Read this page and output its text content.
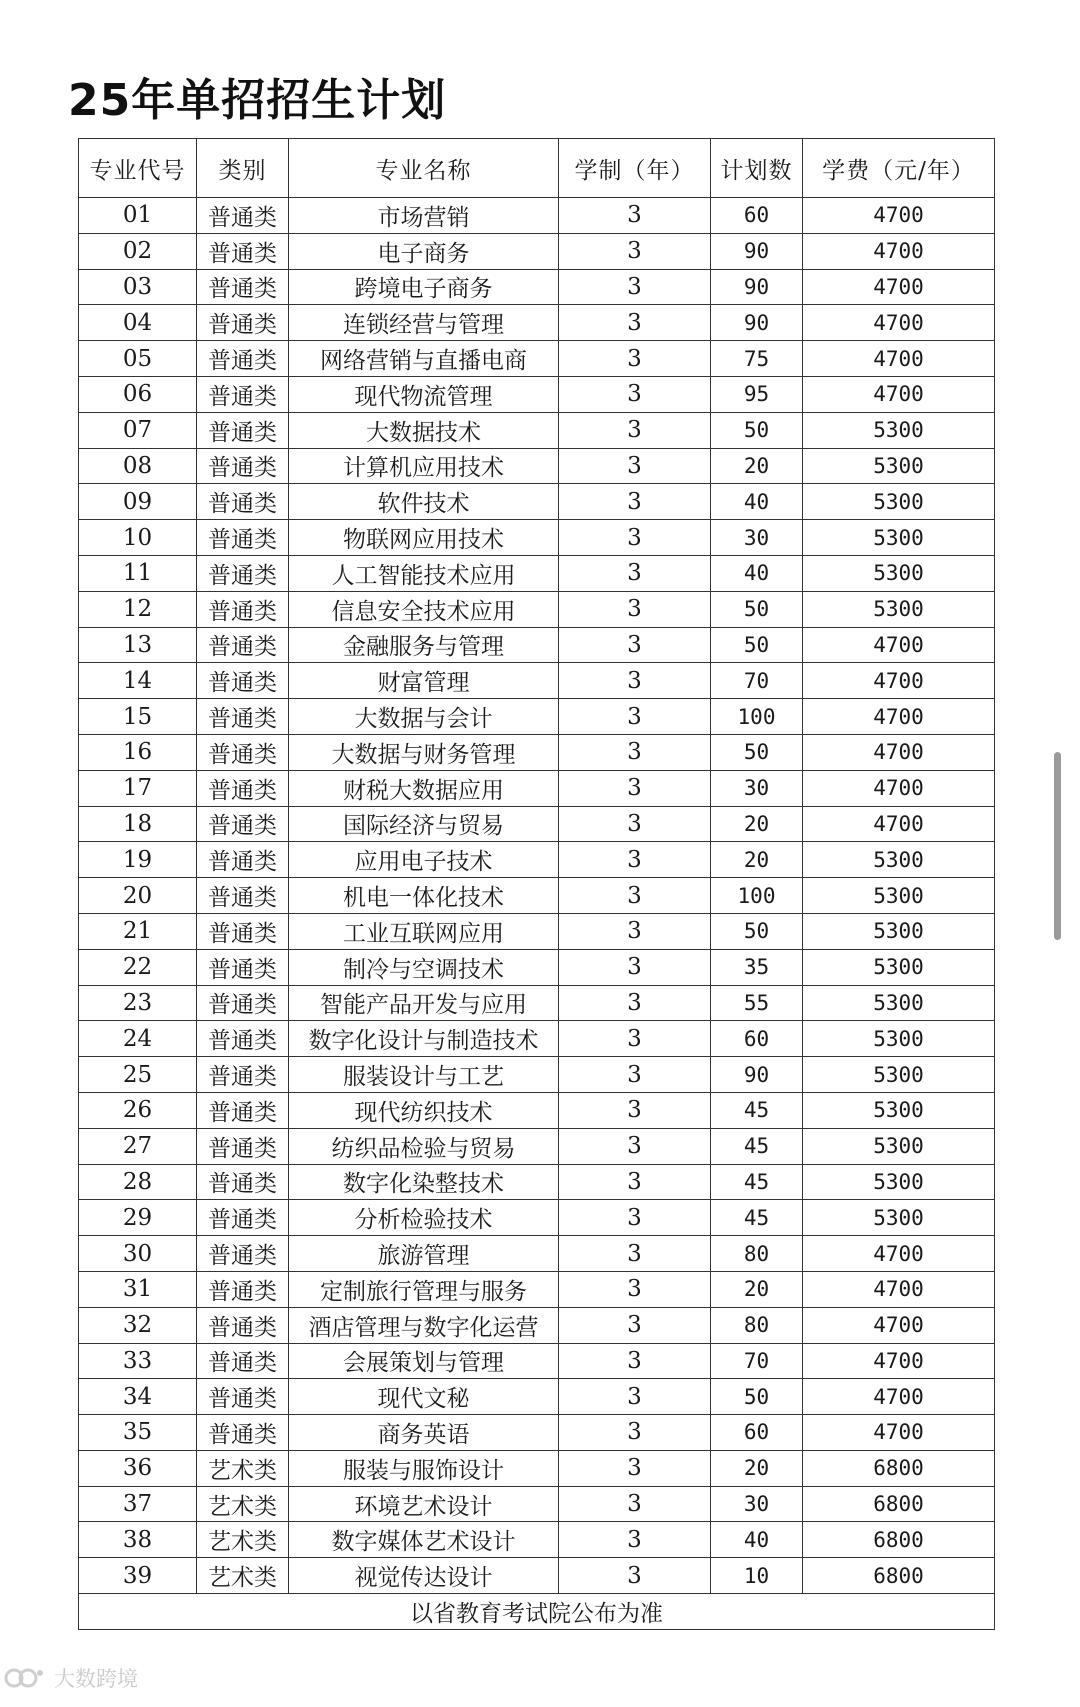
25年单招招生计划
专业代号	类别	专业名称	学制（年）	计划数	学费（元/年）
01	普通类	市场营销	3	60	4700
02	普通类	电子商务	3	90	4700
03	普通类	跨境电子商务	3	90	4700
04	普通类	连锁经营与管理	3	90	4700
05	普通类	网络营销与直播电商	3	75	4700
06	普通类	现代物流管理	3	95	4700
07	普通类	大数据技术	3	50	5300
08	普通类	计算机应用技术	3	20	5300
09	普通类	软件技术	3	40	5300
10	普通类	物联网应用技术	3	30	5300
11	普通类	人工智能技术应用	3	40	5300
12	普通类	信息安全技术应用	3	50	5300
13	普通类	金融服务与管理	3	50	4700
14	普通类	财富管理	3	70	4700
15	普通类	大数据与会计	3	100	4700
16	普通类	大数据与财务管理	3	50	4700
17	普通类	财税大数据应用	3	30	4700
18	普通类	国际经济与贸易	3	20	4700
19	普通类	应用电子技术	3	20	5300
20	普通类	机电一体化技术	3	100	5300
21	普通类	工业互联网应用	3	50	5300
22	普通类	制冷与空调技术	3	35	5300
23	普通类	智能产品开发与应用	3	55	5300
24	普通类	数字化设计与制造技术	3	60	5300
25	普通类	服装设计与工艺	3	90	5300
26	普通类	现代纺织技术	3	45	5300
27	普通类	纺织品检验与贸易	3	45	5300
28	普通类	数字化染整技术	3	45	5300
29	普通类	分析检验技术	3	45	5300
30	普通类	旅游管理	3	80	4700
31	普通类	定制旅行管理与服务	3	20	4700
32	普通类	酒店管理与数字化运营	3	80	4700
33	普通类	会展策划与管理	3	70	4700
34	普通类	现代文秘	3	50	4700
35	普通类	商务英语	3	60	4700
36	艺术类	服装与服饰设计	3	20	6800
37	艺术类	环境艺术设计	3	30	6800
38	艺术类	数字媒体艺术设计	3	40	6800
39	艺术类	视觉传达设计	3	10	6800
以省教育考试院公布为准					
大数跨境
